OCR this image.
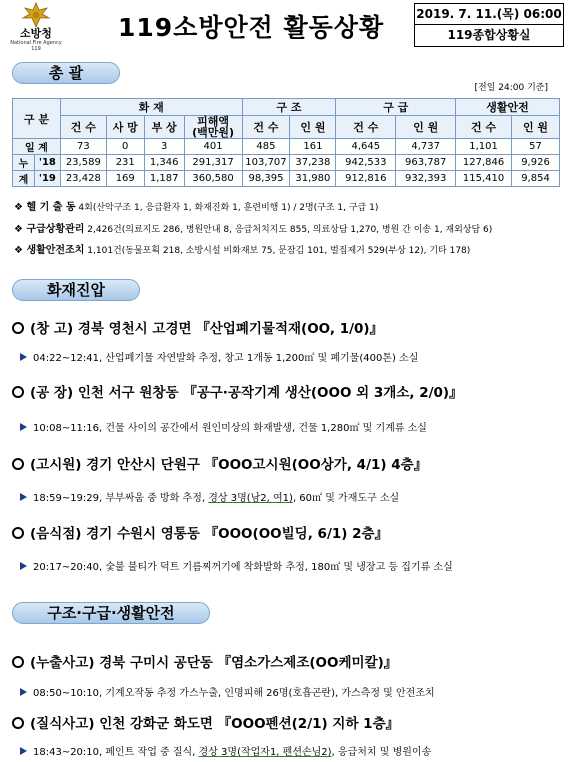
소방청
National Fire Agency 119
119소방안전 활동상황	2019. 7. 11.(목) 06:00
119종합상황실
총 괄
[전일 24:00 기준]
구 분		화 재				구 조		구 급		생활안전	
		건 수	사 망	부 상	피해액
(백만원)	건 수	인 원	건 수	인 원	건 수	인 원
일 계		73	0	3	401	485	161	4,645	4,737	1,101	57
누	'18	23,589	231	1,346	291,317	103,707	37,238	942,533	963,787	127,846	9,926
계	'19	23,428	169	1,187	360,580	98,395	31,980	912,816	932,393	115,410	9,854
❖ 헬 기 출 동 4회(산악구조 1, 응급환자 1, 화재진화 1, 훈련비행 1) / 2명(구조 1, 구급 1)
❖ 구급상황관리 2,426건(의료지도 286, 병원안내 8, 응급처치지도 855, 의료상담 1,270, 병원 간 이송 1, 재외상담 6)
❖ 생활안전조치 1,101건(동물포획 218, 소방시설 비화재보 75, 문잠김 101, 벌집제거 529(부상 12), 기타 178)
화재진압
(창 고) 경북 영천시 고경면 『산업폐기물적재(OO, 1/0)』
04:22~12:41, 산업폐기물 자연발화 추정, 창고 1개동 1,200㎡ 및 폐기물(400톤) 소실
(공 장) 인천 서구 원창동 『공구·공작기계 생산(OOO 외 3개소, 2/0)』
10:08~11:16, 건물 사이의 공간에서 원인미상의 화재발생, 건물 1,280㎡ 및 기계류 소실
(고시원) 경기 안산시 단원구 『OOO고시원(OO상가, 4/1) 4층』
18:59~19:29, 부부싸움 중 방화 추정, 경상 3명(남2, 여1), 60㎡ 및 가재도구 소실
(음식점) 경기 수원시 영통동 『OOO(OO빌딩, 6/1) 2층』
20:17~20:40, 숯불 불티가 덕트 기름찌꺼기에 착화발화 추정, 180㎡ 및 냉장고 등 집기류 소실
구조·구급·생활안전
(누출사고) 경북 구미시 공단동 『염소가스제조(OO케미칼)』
08:50~10:10, 기계오작동 추정 가스누출, 인명피해 26명(호흡곤란), 가스측정 및 안전조치
(질식사고) 인천 강화군 화도면 『OOO펜션(2/1) 지하 1층』
18:43~20:10, 페인트 작업 중 질식, 경상 3명(작업자1, 펜션손님2), 응급처치 및 병원이송
